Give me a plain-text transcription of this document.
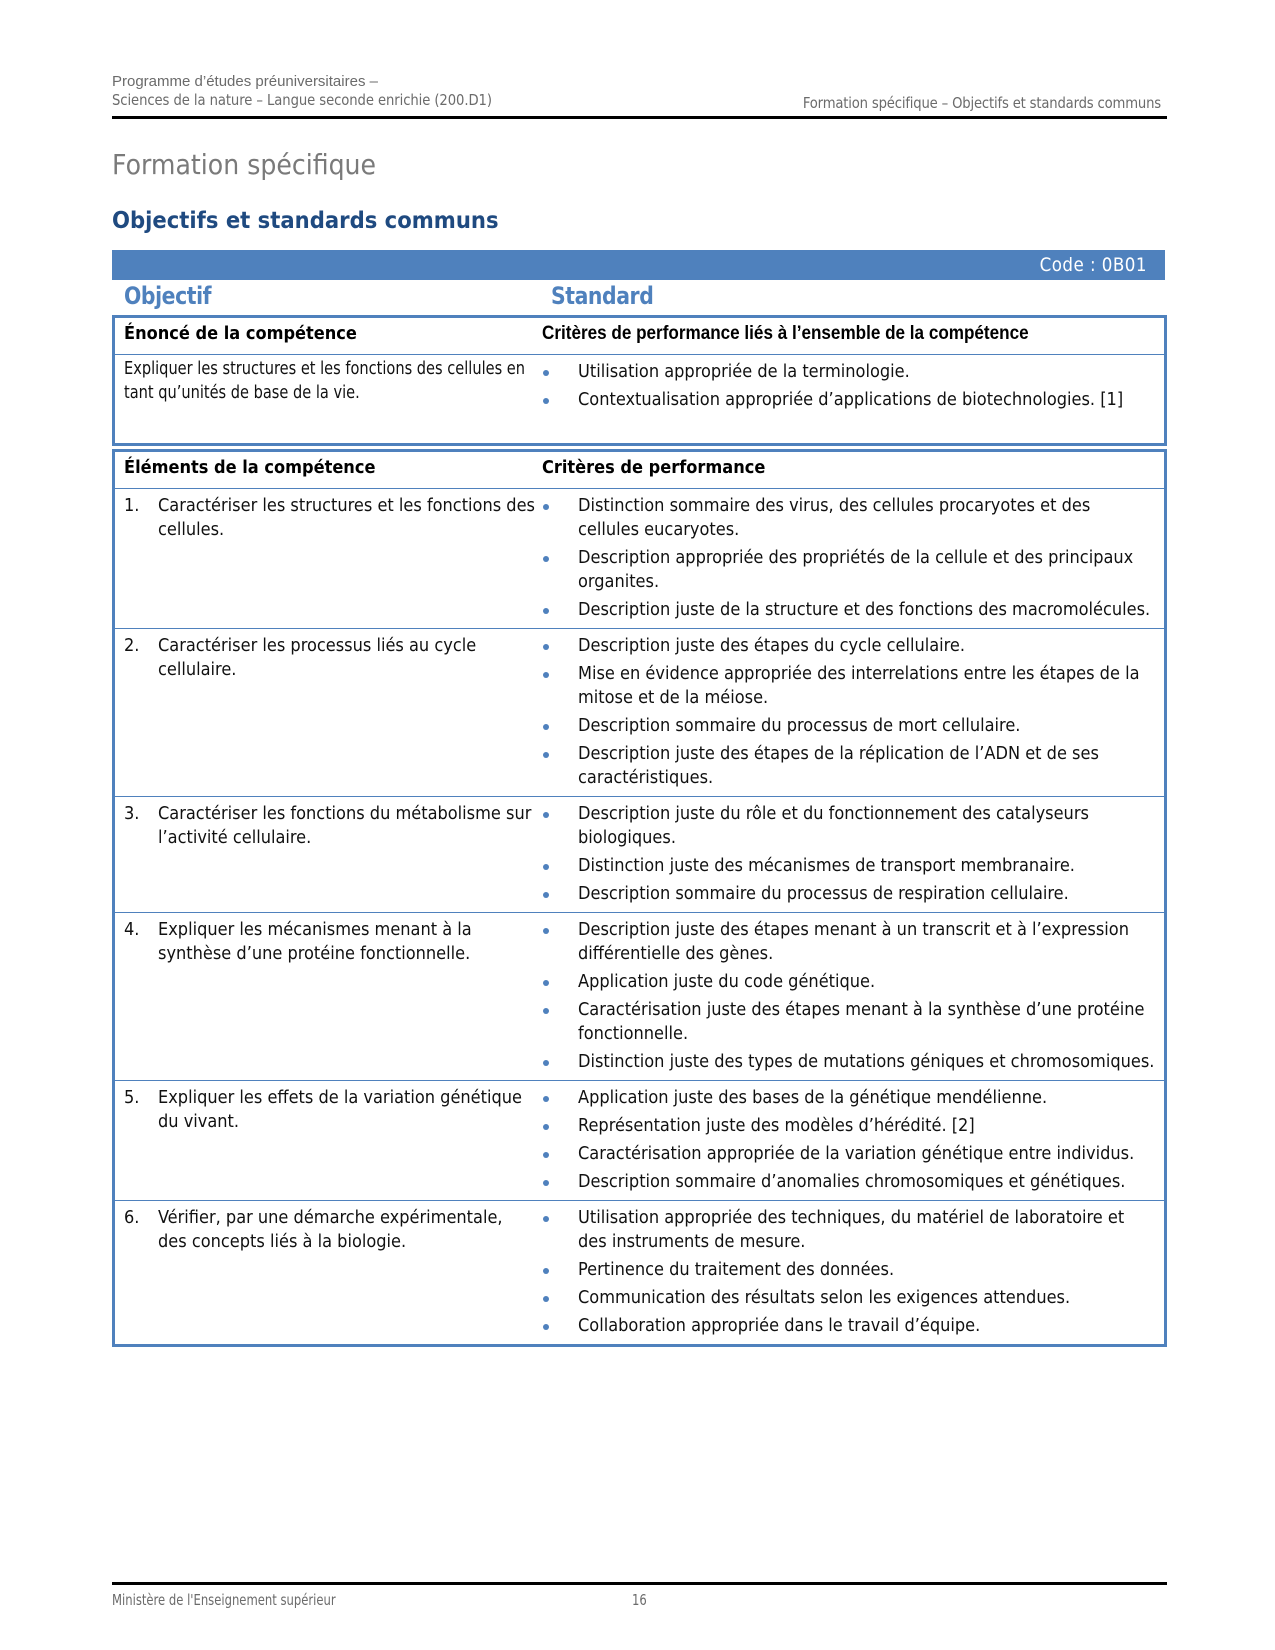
Programme d’études préuniversitaires –
Sciences de la nature – Langue seconde enrichie (200.D1)	Formation spécifique – Objectifs et standards communs
Formation spécifique
Objectifs et standards communs
Code : 0B01
Objectif	Standard
Énoncé de la compétence	Critères de performance liés à l’ensemble de la compétence
Expliquer les structures et les fonctions des cellules en tant qu’unités de base de la vie.
Utilisation appropriée de la terminologie.
Contextualisation appropriée d’applications de biotechnologies. [1]
Éléments de la compétence	Critères de performance
1.	Caractériser les structures et les fonctions des cellules.
Distinction sommaire des virus, des cellules procaryotes et des cellules eucaryotes.
Description appropriée des propriétés de la cellule et des principaux organites.
Description juste de la structure et des fonctions des macromolécules.
2.	Caractériser les processus liés au cycle cellulaire.
Description juste des étapes du cycle cellulaire.
Mise en évidence appropriée des interrelations entre les étapes de la mitose et de la méiose.
Description sommaire du processus de mort cellulaire.
Description juste des étapes de la réplication de l’ADN et de ses caractéristiques.
3.	Caractériser les fonctions du métabolisme sur l’activité cellulaire.
Description juste du rôle et du fonctionnement des catalyseurs biologiques.
Distinction juste des mécanismes de transport membranaire.
Description sommaire du processus de respiration cellulaire.
4.	Expliquer les mécanismes menant à la synthèse d’une protéine fonctionnelle.
Description juste des étapes menant à un transcrit et à l’expression différentielle des gènes.
Application juste du code génétique.
Caractérisation juste des étapes menant à la synthèse d’une protéine fonctionnelle.
Distinction juste des types de mutations géniques et chromosomiques.
5.	Expliquer les effets de la variation génétique du vivant.
Application juste des bases de la génétique mendélienne.
Représentation juste des modèles d’hérédité. [2]
Caractérisation appropriée de la variation génétique entre individus.
Description sommaire d’anomalies chromosomiques et génétiques.
6.	Vérifier, par une démarche expérimentale, des concepts liés à la biologie.
Utilisation appropriée des techniques, du matériel de laboratoire et des instruments de mesure.
Pertinence du traitement des données.
Communication des résultats selon les exigences attendues.
Collaboration appropriée dans le travail d’équipe.
Ministère de l'Enseignement supérieur	16
